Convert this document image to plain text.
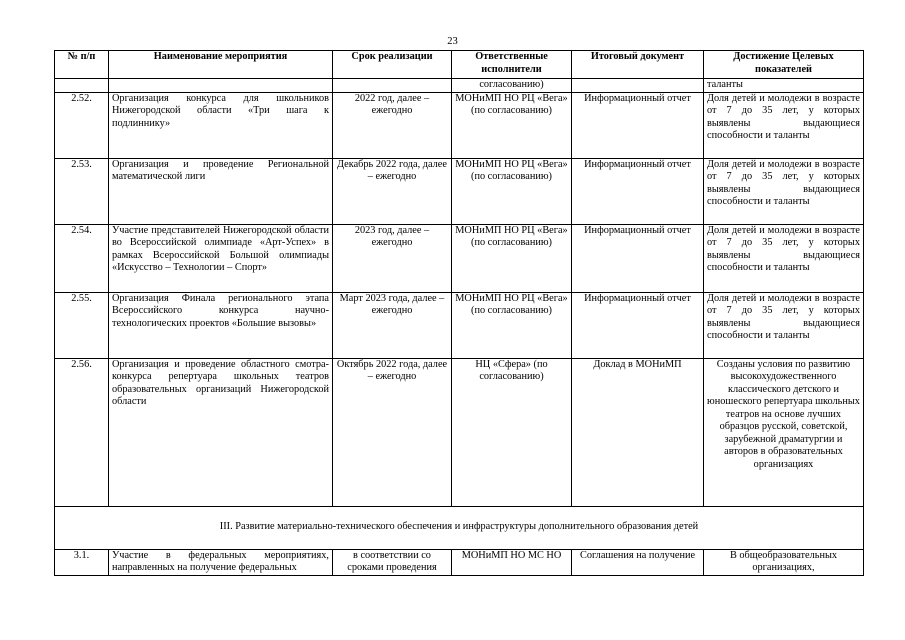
23
№ п/п	Наименование мероприятия	Срок реализации	Ответственные исполнители	Итоговый документ	Достижение Целевых показателей
			согласованию)		таланты
2.52.	Организация конкурса для школьников Нижегородской области «Три шага к подлиннику»	2022 год, далее – ежегодно	МОНиМП НО РЦ «Вега» (по согласованию)	Информационный отчет	Доля детей и молодежи в возрасте от 7 до 35 лет, у которых выявлены выдающиеся способности и таланты
2.53.	Организация и проведение Региональной математической лиги	Декабрь 2022 года, далее – ежегодно	МОНиМП НО РЦ «Вега» (по согласованию)	Информационный отчет	Доля детей и молодежи в возрасте от 7 до 35 лет, у которых выявлены выдающиеся способности и таланты
2.54.	Участие представителей Нижегородской области во Всероссийской олимпиаде «Арт-Успех» в рамках Всероссийской Большой олимпиады «Искусство – Технологии – Спорт»	2023 год, далее – ежегодно	МОНиМП НО РЦ «Вега» (по согласованию)	Информационный отчет	Доля детей и молодежи в возрасте от 7 до 35 лет, у которых выявлены выдающиеся способности и таланты
2.55.	Организация Финала регионального этапа Всероссийского конкурса научно-технологических проектов «Большие вызовы»	Март 2023 года, далее – ежегодно	МОНиМП НО РЦ «Вега» (по согласованию)	Информационный отчет	Доля детей и молодежи в возрасте от 7 до 35 лет, у которых выявлены выдающиеся способности и таланты
2.56.	Организация и проведение областного смотра-конкурса репертуара школьных театров образовательных организаций Нижегородской области	Октябрь 2022 года, далее – ежегодно	НЦ «Сфера» (по согласованию)	Доклад в МОНиМП	Созданы условия по развитию высокохудожественного классического детского и юношеского репертуара школьных театров на основе лучших образцов русской, советской, зарубежной драматургии и авторов в образовательных организациях
III. Развитие материально-технического обеспечения и инфраструктуры дополнительного образования детей					
3.1.	Участие в федеральных мероприятиях, направленных на получение федеральных	в соответствии со сроками проведения	МОНиМП НО МС НО	Соглашения на получение	В общеобразовательных организациях,
